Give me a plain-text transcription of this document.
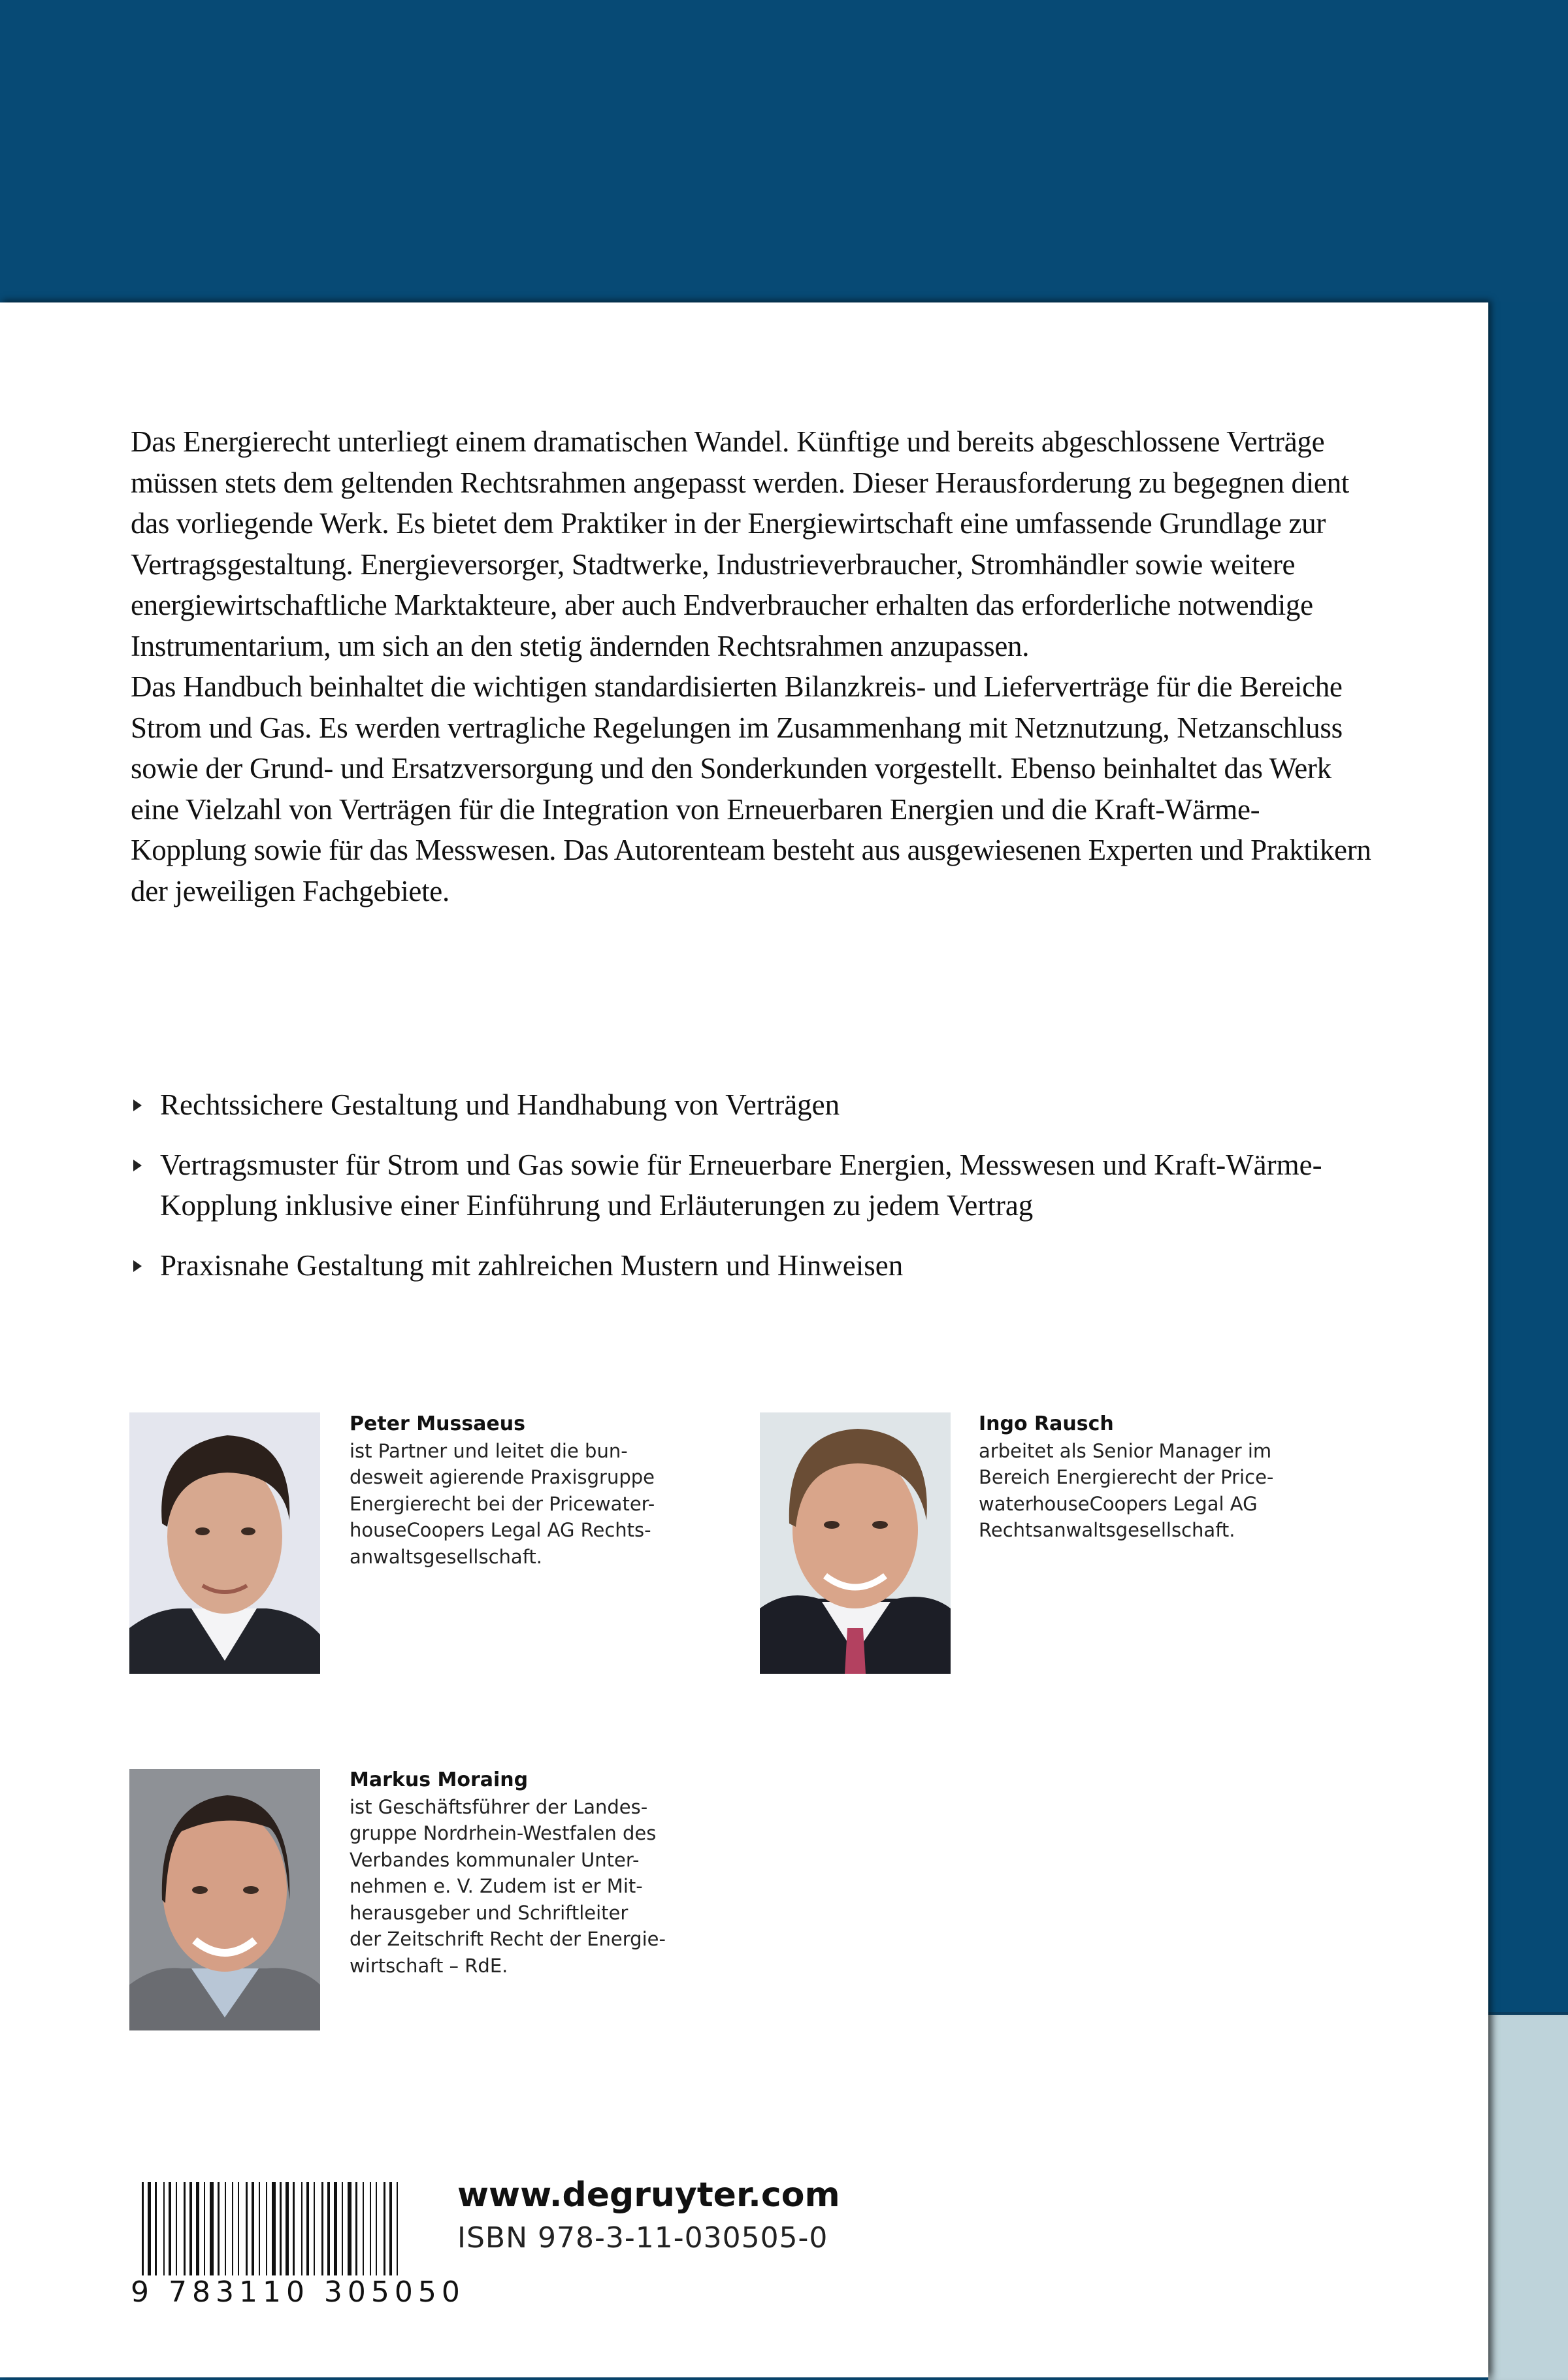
Das Energierecht unterliegt einem dramatischen Wandel. Künftige und bereits abgeschlossene Verträge müssen stets dem geltenden Rechtsrahmen angepasst werden. Dieser Herausforderung zu begegnen dient das vorliegende Werk. Es bietet dem Praktiker in der Energiewirtschaft eine umfassende Grundlage zur Vertragsgestaltung. Energieversorger, Stadtwerke, Industrieverbraucher, Stromhändler sowie weitere energiewirtschaftliche Marktakteure, aber auch Endverbraucher erhalten das erforderliche notwendige Instrumentarium, um sich an den stetig ändernden Rechtsrahmen anzupassen.

Das Handbuch beinhaltet die wichtigen standardisierten Bilanzkreis- und Lieferverträge für die Bereiche Strom und Gas. Es werden vertragliche Regelungen im Zusammenhang mit Netznutzung, Netzanschluss sowie der Grund- und Ersatzversorgung und den Sonderkunden vorgestellt. Ebenso beinhaltet das Werk eine Vielzahl von Verträgen für die Integration von Erneuerbaren Energien und die Kraft-Wärme-Kopplung sowie für das Messwesen. Das Autorenteam besteht aus ausgewiesenen Experten und Praktikern der jeweiligen Fachgebiete.

Rechtssichere Gestaltung und Handhabung von Verträgen
Vertragsmuster für Strom und Gas sowie für Erneuerbare Energien, Messwesen und Kraft-Wärme-Kopplung inklusive einer Einführung und Erläuterungen zu jedem Vertrag
Praxisnahe Gestaltung mit zahlreichen Mustern und Hinweisen
Peter Mussaeus
ist Partner und leitet die bun-
desweit agierende Praxisgruppe
Energierecht bei der Pricewater-
houseCoopers Legal AG Rechts-
anwaltsgesellschaft.
Ingo Rausch
arbeitet als Senior Manager im
Bereich Energierecht der Price-
waterhouseCoopers Legal AG
Rechtsanwaltsgesellschaft.
Markus Moraing
ist Geschäftsführer der Landes-
gruppe Nordrhein-Westfalen des
Verbandes kommunaler Unter-
nehmen e. V. Zudem ist er Mit-
herausgeber und Schriftleiter
der Zeitschrift Recht der Energie-
wirtschaft – RdE.
9 783110 305050
www.degruyter.com
ISBN 978-3-11-030505-0
